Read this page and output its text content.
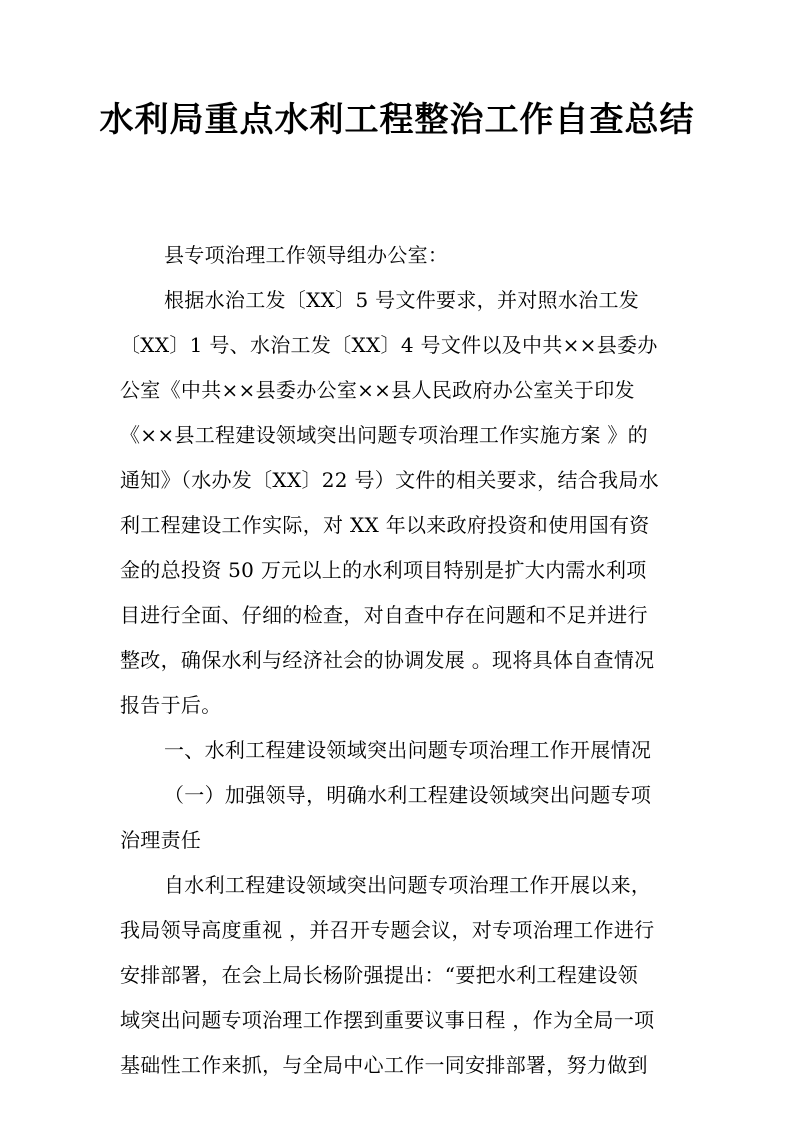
水利局重点水利工程整治工作自查总结
县专项治理工作领导组办公室：
根据水治工发〔XX〕5 号文件要求，并对照水治工发
〔XX〕1 号、水治工发〔XX〕4 号文件以及中共××县委办
公室《中共××县委办公室××县人民政府办公室关于印发
《××县工程建设领域突出问题专项治理工作实施方案 》的
通知》（水办发〔XX〕22 号）文件的相关要求，结合我局水
利工程建设工作实际，对 XX 年以来政府投资和使用国有资
金的总投资 50 万元以上的水利项目特别是扩大内需水利项
目进行全面、仔细的检查，对自查中存在问题和不足并进行
整改，确保水利与经济社会的协调发展 。现将具体自查情况
报告于后。
一、水利工程建设领域突出问题专项治理工作开展情况
（一）加强领导，明确水利工程建设领域突出问题专项
治理责任
自水利工程建设领域突出问题专项治理工作开展以来，
我局领导高度重视 ，并召开专题会议，对专项治理工作进行
安排部署，在会上局长杨阶强提出：“要把水利工程建设领
域突出问题专项治理工作摆到重要议事日程 ，作为全局一项
基础性工作来抓，与全局中心工作一同安排部署，努力做到
